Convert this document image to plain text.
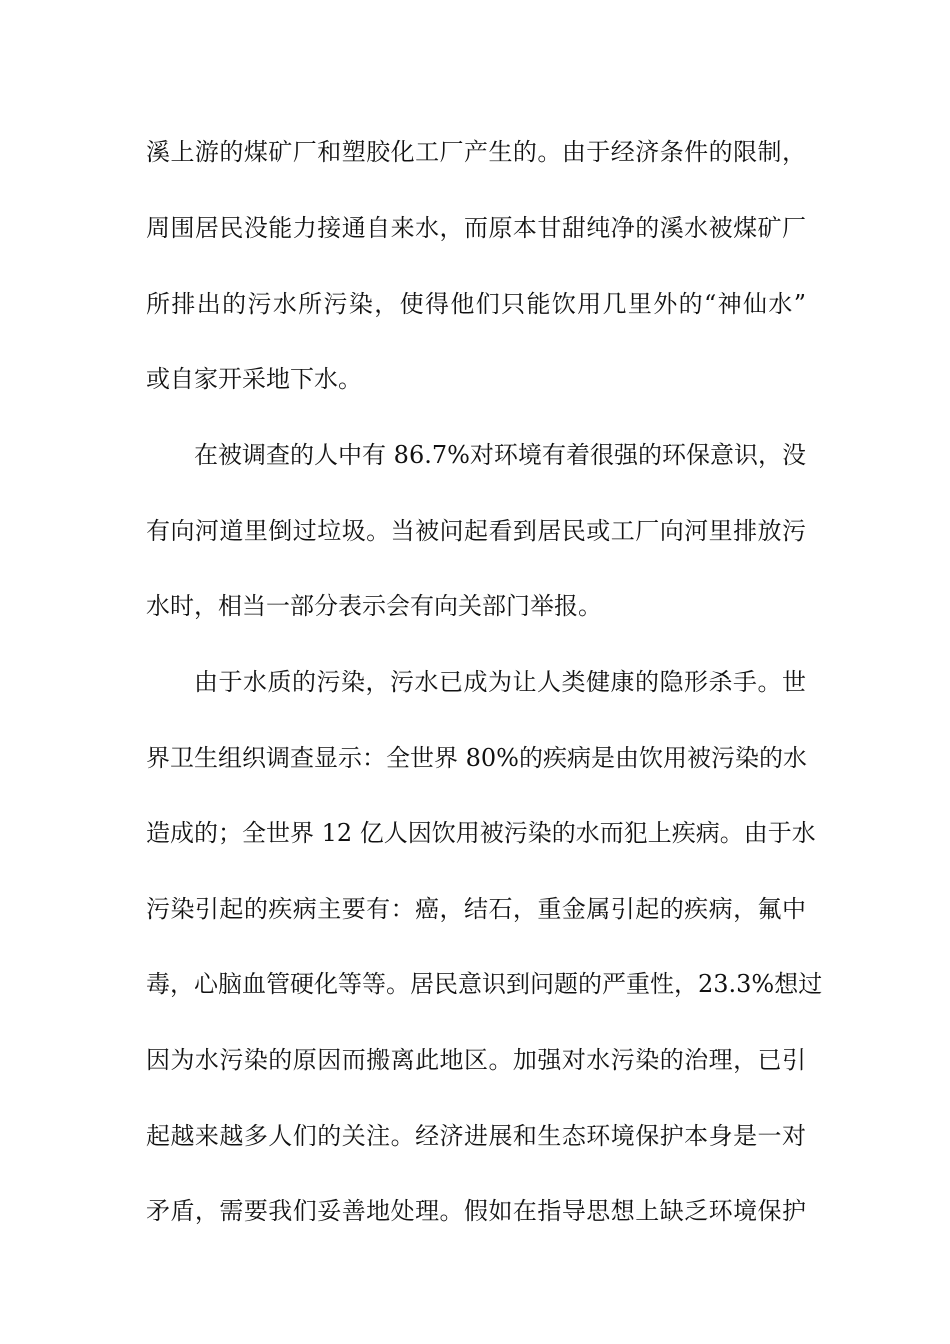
溪上游的煤矿厂和塑胶化工厂产生的。由于经济条件的限制，
周围居民没能力接通自来水，而原本甘甜纯净的溪水被煤矿厂
所排出的污水所污染，使得他们只能饮用几里外的“神仙水”
或自家开采地下水。
在被调查的人中有 86.7%对环境有着很强的环保意识，没
有向河道里倒过垃圾。当被问起看到居民或工厂向河里排放污
水时，相当一部分表示会有向关部门举报。
由于水质的污染，污水已成为让人类健康的隐形杀手。世
界卫生组织调查显示：全世界 80%的疾病是由饮用被污染的水
造成的；全世界 12 亿人因饮用被污染的水而犯上疾病。由于水
污染引起的疾病主要有：癌，结石，重金属引起的疾病，氟中
毒，心脑血管硬化等等。居民意识到问题的严重性，23.3%想过
因为水污染的原因而搬离此地区。加强对水污染的治理，已引
起越来越多人们的关注。经济进展和生态环境保护本身是一对
矛盾，需要我们妥善地处理。假如在指导思想上缺乏环境保护
